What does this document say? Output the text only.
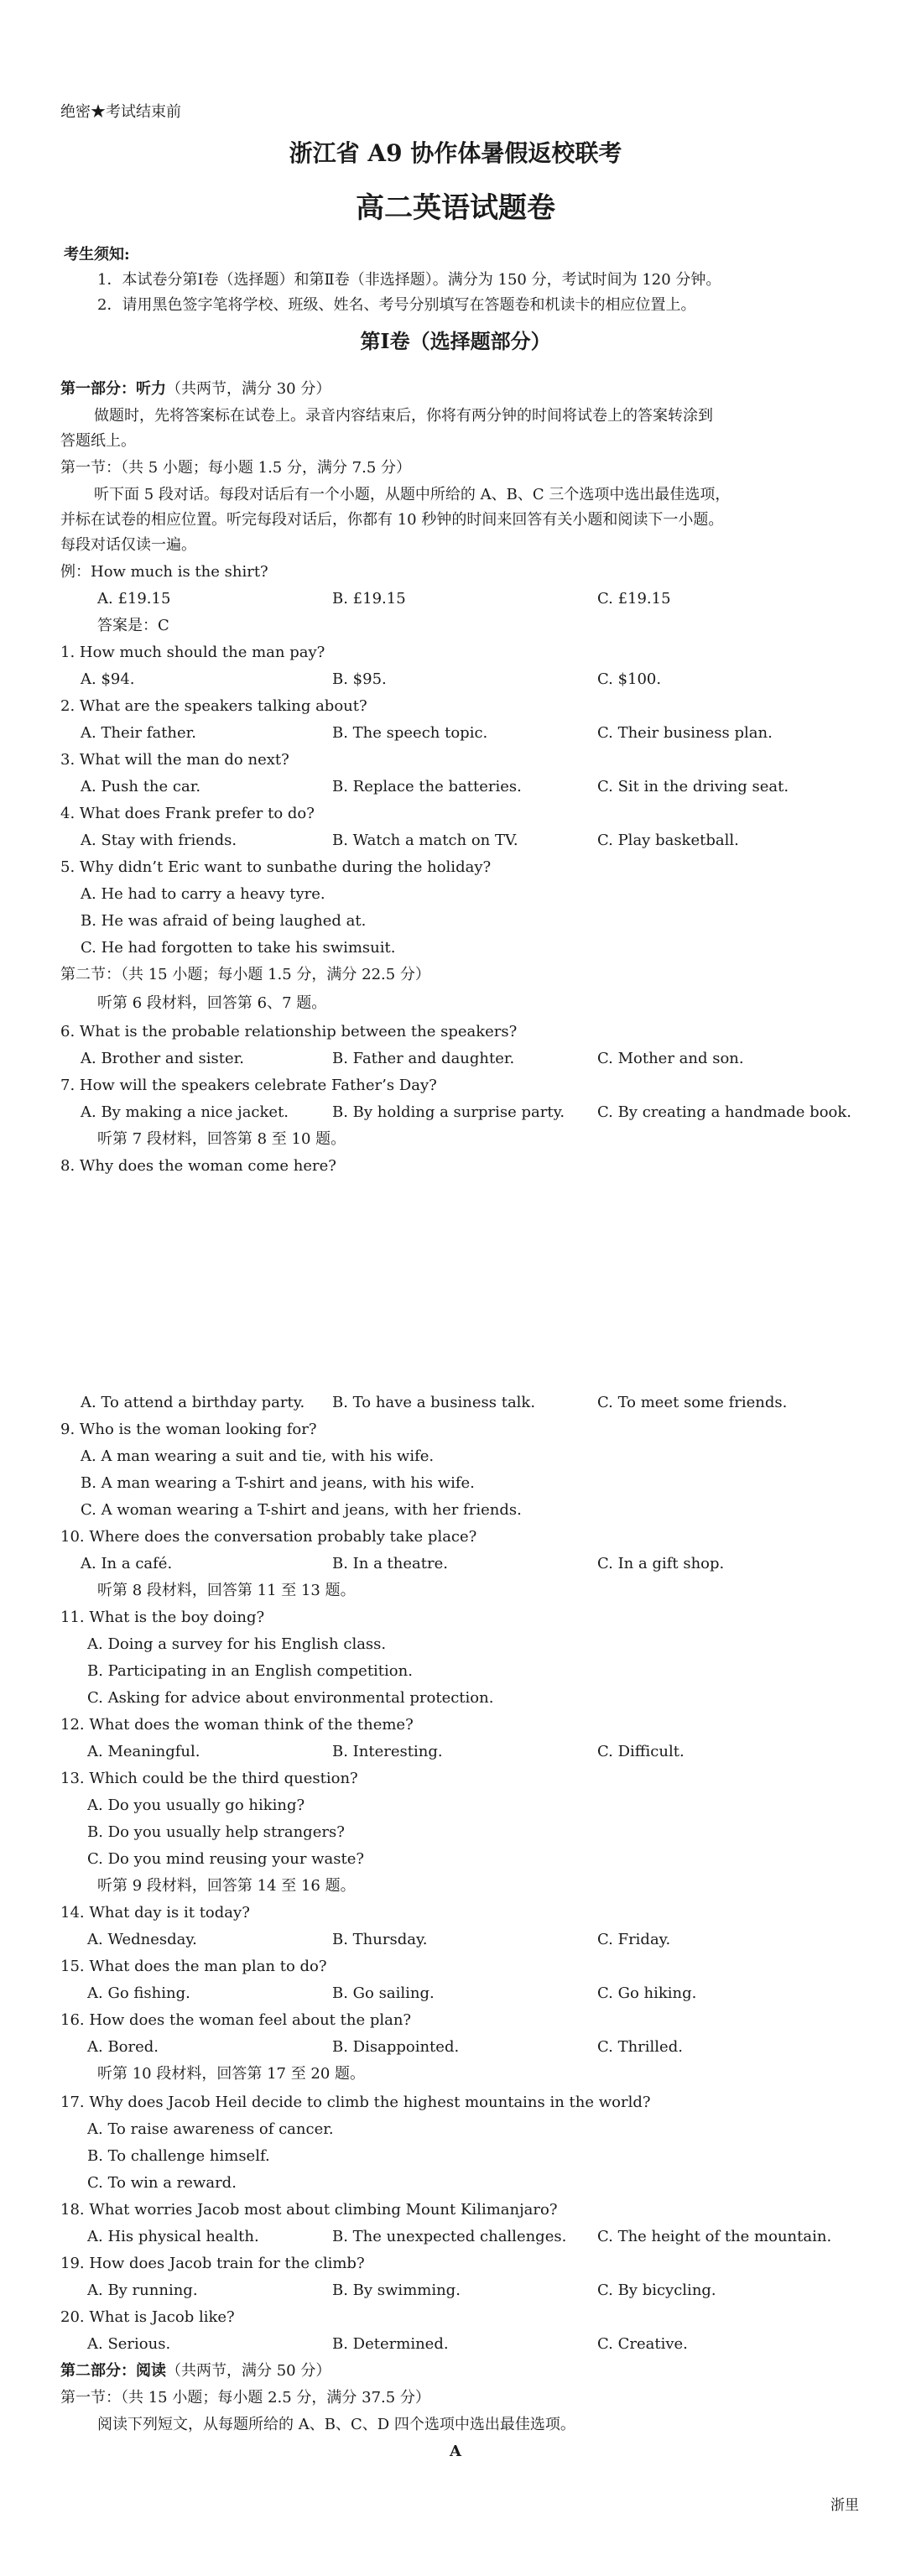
绝密★考试结束前
浙江省 A9 协作体暑假返校联考
高二英语试题卷
考生须知:
1．本试卷分第Ⅰ卷（选择题）和第Ⅱ卷（非选择题）。满分为 150 分，考试时间为 120 分钟。
2．请用黑色签字笔将学校、班级、姓名、考号分别填写在答题卷和机读卡的相应位置上。
第Ⅰ卷（选择题部分）
第一部分：听力（共两节，满分 30 分）
做题时，先将答案标在试卷上。录音内容结束后，你将有两分钟的时间将试卷上的答案转涂到
答题纸上。
第一节：（共 5 小题；每小题 1.5 分，满分 7.5 分）
听下面 5 段对话。每段对话后有一个小题，从题中所给的 A、B、C 三个选项中选出最佳选项，
并标在试卷的相应位置。听完每段对话后，你都有 10 秒钟的时间来回答有关小题和阅读下一小题。
每段对话仅读一遍。
例：How much is the shirt?
A. £19.15	B. £19.15	C. £19.15
答案是：C
1. How much should the man pay?
A. $94.	B. $95.	C. $100.
2. What are the speakers talking about?
A. Their father.	B. The speech topic.	C. Their business plan.
3. What will the man do next?
A. Push the car.	B. Replace the batteries.	C. Sit in the driving seat.
4. What does Frank prefer to do?
A. Stay with friends.	B. Watch a match on TV.	C. Play basketball.
5. Why didn’t Eric want to sunbathe during the holiday?
A. He had to carry a heavy tyre.
B. He was afraid of being laughed at.
C. He had forgotten to take his swimsuit.
第二节：（共 15 小题；每小题 1.5 分，满分 22.5 分）
听第 6 段材料，回答第 6、7 题。
6. What is the probable relationship between the speakers?
A. Brother and sister.	B. Father and daughter.	C. Mother and son.
7. How will the speakers celebrate Father’s Day?
A. By making a nice jacket.	B. By holding a surprise party. C. By creating a handmade book.
听第 7 段材料，回答第 8 至 10 题。
8. Why does the woman come here?
A. To attend a birthday party. B. To have a business talk.	C. To meet some friends.
9. Who is the woman looking for?
A. A man wearing a suit and tie, with his wife.
B. A man wearing a T-shirt and jeans, with his wife.
C. A woman wearing a T-shirt and jeans, with her friends.
10. Where does the conversation probably take place?
A. In a café.	B. In a theatre.	C. In a gift shop.
听第 8 段材料，回答第 11 至 13 题。
11. What is the boy doing?
A. Doing a survey for his English class.
B. Participating in an English competition.
C. Asking for advice about environmental protection.
12. What does the woman think of the theme?
A. Meaningful.	B. Interesting.	C. Difficult.
13. Which could be the third question?
A. Do you usually go hiking?
B. Do you usually help strangers?
C. Do you mind reusing your waste?
听第 9 段材料，回答第 14 至 16 题。
14. What day is it today?
A. Wednesday.	B. Thursday.	C. Friday.
15. What does the man plan to do?
A. Go fishing.	B. Go sailing.	C. Go hiking.
16. How does the woman feel about the plan?
A. Bored.	B. Disappointed.	C. Thrilled.
听第 10 段材料，回答第 17 至 20 题。
17. Why does Jacob Heil decide to climb the highest mountains in the world?
A. To raise awareness of cancer.
B. To challenge himself.
C. To win a reward.
18. What worries Jacob most about climbing Mount Kilimanjaro?
A. His physical health.	B. The unexpected challenges. C. The height of the mountain.
19. How does Jacob train for the climb?
A. By running.	B. By swimming.	C. By bicycling.
20. What is Jacob like?
A. Serious.	B. Determined.	C. Creative.
第二部分：阅读（共两节，满分 50 分）
第一节：（共 15 小题；每小题 2.5 分，满分 37.5 分）
阅读下列短文，从每题所给的 A、B、C、D 四个选项中选出最佳选项。
A
浙里
